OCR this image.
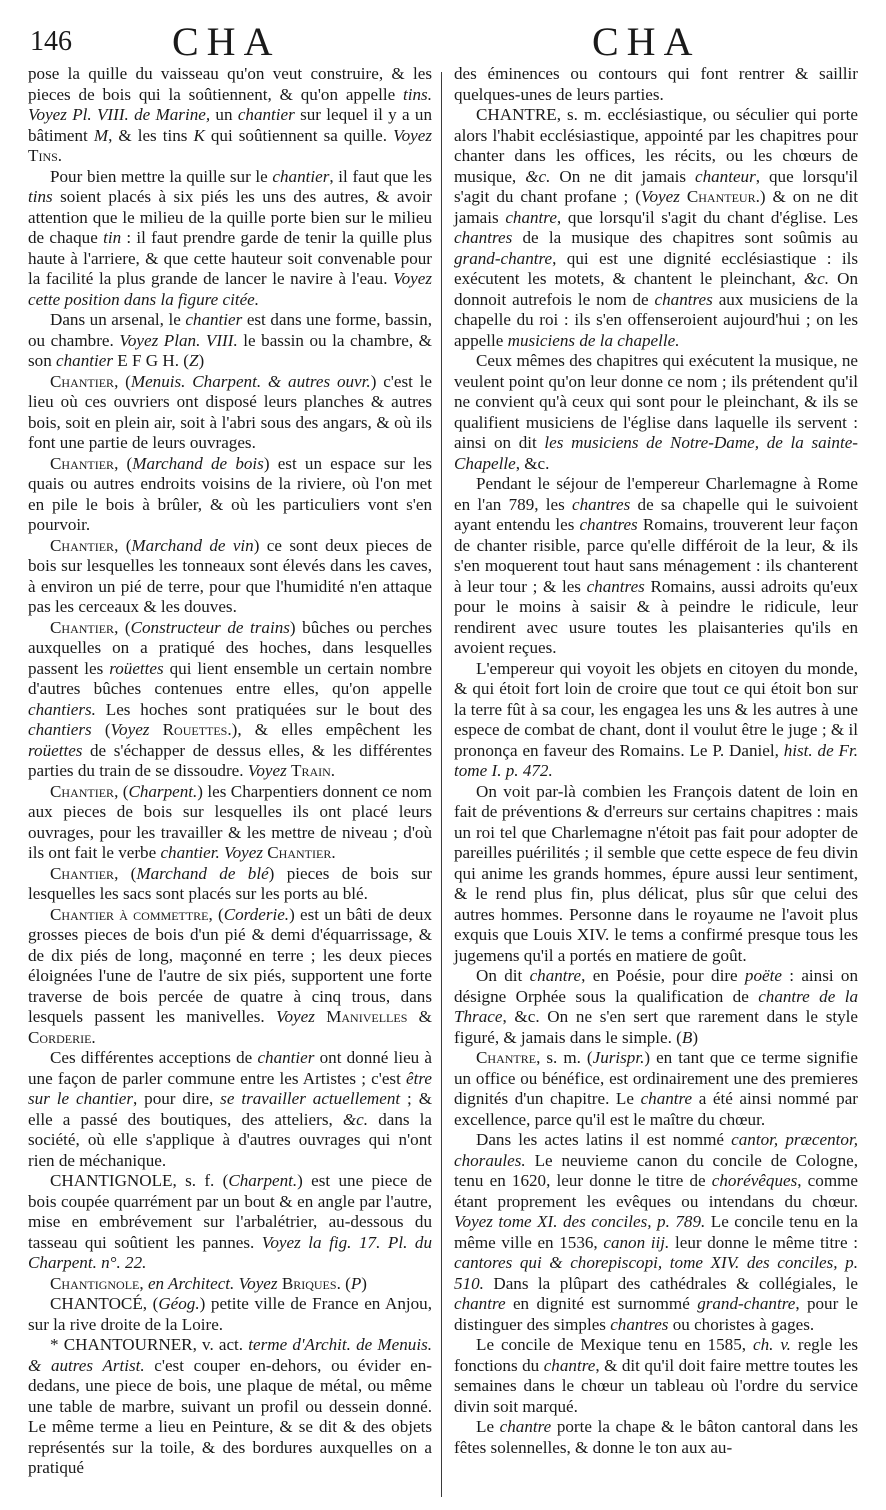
146	CHA	CHA

pose la quille du vaisseau qu'on veut construire, & les pieces de bois qui la soûtiennent, & qu'on appelle tins. Voyez Pl. VIII. de Marine, un chantier sur lequel il y a un bâtiment M, & les tins K qui soûtiennent sa quille. Voyez Tins.

Pour bien mettre la quille sur le chantier, il faut que les tins soient placés à six piés les uns des autres, & avoir attention que le milieu de la quille porte bien sur le milieu de chaque tin : il faut prendre garde de tenir la quille plus haute à l'arriere, & que cette hauteur soit convenable pour la facilité la plus grande de lancer le navire à l'eau. Voyez cette position dans la figure citée.

Dans un arsenal, le chantier est dans une forme, bassin, ou chambre. Voyez Plan. VIII. le bassin ou la chambre, & son chantier E F G H. (Z)

Chantier, (Menuis. Charpent. & autres ouvr.) c'est le lieu où ces ouvriers ont disposé leurs planches & autres bois, soit en plein air, soit à l'abri sous des angars, & où ils font une partie de leurs ouvrages.

Chantier, (Marchand de bois) est un espace sur les quais ou autres endroits voisins de la riviere, où l'on met en pile le bois à brûler, & où les particuliers vont s'en pourvoir.

Chantier, (Marchand de vin) ce sont deux pieces de bois sur lesquelles les tonneaux sont élevés dans les caves, à environ un pié de terre, pour que l'humidité n'en attaque pas les cerceaux & les douves.

Chantier, (Constructeur de trains) bûches ou perches auxquelles on a pratiqué des hoches, dans lesquelles passent les roüettes qui lient ensemble un certain nombre d'autres bûches contenues entre elles, qu'on appelle chantiers. Les hoches sont pratiquées sur le bout des chantiers (Voyez Rouettes.), & elles empêchent les roüettes de s'échapper de dessus elles, & les différentes parties du train de se dissoudre. Voyez Train.

Chantier, (Charpent.) les Charpentiers donnent ce nom aux pieces de bois sur lesquelles ils ont placé leurs ouvrages, pour les travailler & les mettre de niveau ; d'où ils ont fait le verbe chantier. Voyez Chantier.

Chantier, (Marchand de blé) pieces de bois sur lesquelles les sacs sont placés sur les ports au blé.

Chantier à commettre, (Corderie.) est un bâti de deux grosses pieces de bois d'un pié & demi d'équarrissage, & de dix piés de long, maçonné en terre ; les deux pieces éloignées l'une de l'autre de six piés, supportent une forte traverse de bois percée de quatre à cinq trous, dans lesquels passent les manivelles. Voyez Manivelles & Corderie.

Ces différentes acceptions de chantier ont donné lieu à une façon de parler commune entre les Artistes ; c'est être sur le chantier, pour dire, se travailler actuellement ; & elle a passé des boutiques, des atteliers, &c. dans la société, où elle s'applique à d'autres ouvrages qui n'ont rien de méchanique.

CHANTIGNOLE, s. f. (Charpent.) est une piece de bois coupée quarrément par un bout & en angle par l'autre, mise en embrévement sur l'arbalétrier, au-dessous du tasseau qui soûtient les pannes. Voyez la fig. 17. Pl. du Charpent. n°. 22.

Chantignole, en Architect. Voyez Briques. (P)

CHANTOCÉ, (Géog.) petite ville de France en Anjou, sur la rive droite de la Loire.

* CHANTOURNER, v. act. terme d'Archit. de Menuis. & autres Artist. c'est couper en-dehors, ou évider en-dedans, une piece de bois, une plaque de métal, ou même une table de marbre, suivant un profil ou dessein donné. Le même terme a lieu en Peinture, & se dit & des objets représentés sur la toile, & des bordures auxquelles on a pratiqué

des éminences ou contours qui font rentrer & saillir quelques-unes de leurs parties.

CHANTRE, s. m. ecclésiastique, ou séculier qui porte alors l'habit ecclésiastique, appointé par les chapitres pour chanter dans les offices, les récits, ou les chœurs de musique, &c. On ne dit jamais chanteur, que lorsqu'il s'agit du chant profane ; (Voyez Chanteur.) & on ne dit jamais chantre, que lorsqu'il s'agit du chant d'église. Les chantres de la musique des chapitres sont soûmis au grand-chantre, qui est une dignité ecclésiastique : ils exécutent les motets, & chantent le pleinchant, &c. On donnoit autrefois le nom de chantres aux musiciens de la chapelle du roi : ils s'en offenseroient aujourd'hui ; on les appelle musiciens de la chapelle.

Ceux mêmes des chapitres qui exécutent la musique, ne veulent point qu'on leur donne ce nom ; ils prétendent qu'il ne convient qu'à ceux qui sont pour le pleinchant, & ils se qualifient musiciens de l'église dans laquelle ils servent : ainsi on dit les musiciens de Notre-Dame, de la sainte-Chapelle, &c.

Pendant le séjour de l'empereur Charlemagne à Rome en l'an 789, les chantres de sa chapelle qui le suivoient ayant entendu les chantres Romains, trouverent leur façon de chanter risible, parce qu'elle différoit de la leur, & ils s'en moquerent tout haut sans ménagement : ils chanterent à leur tour ; & les chantres Romains, aussi adroits qu'eux pour le moins à saisir & à peindre le ridicule, leur rendirent avec usure toutes les plaisanteries qu'ils en avoient reçues.

L'empereur qui voyoit les objets en citoyen du monde, & qui étoit fort loin de croire que tout ce qui étoit bon sur la terre fût à sa cour, les engagea les uns & les autres à une espece de combat de chant, dont il voulut être le juge ; & il prononça en faveur des Romains. Le P. Daniel, hist. de Fr. tome I. p. 472.

On voit par-là combien les François datent de loin en fait de préventions & d'erreurs sur certains chapitres : mais un roi tel que Charlemagne n'étoit pas fait pour adopter de pareilles puérilités ; il semble que cette espece de feu divin qui anime les grands hommes, épure aussi leur sentiment, & le rend plus fin, plus délicat, plus sûr que celui des autres hommes. Personne dans le royaume ne l'avoit plus exquis que Louis XIV. le tems a confirmé presque tous les jugemens qu'il a portés en matiere de goût.

On dit chantre, en Poésie, pour dire poëte : ainsi on désigne Orphée sous la qualification de chantre de la Thrace, &c. On ne s'en sert que rarement dans le style figuré, & jamais dans le simple. (B)

Chantre, s. m. (Jurispr.) en tant que ce terme signifie un office ou bénéfice, est ordinairement une des premieres dignités d'un chapitre. Le chantre a été ainsi nommé par excellence, parce qu'il est le maître du chœur.

Dans les actes latins il est nommé cantor, præcentor, choraules. Le neuvieme canon du concile de Cologne, tenu en 1620, leur donne le titre de chorévêques, comme étant proprement les evêques ou intendans du chœur. Voyez tome XI. des conciles, p. 789. Le concile tenu en la même ville en 1536, canon iij. leur donne le même titre : cantores qui & chorepiscopi, tome XIV. des conciles, p. 510. Dans la plûpart des cathédrales & collégiales, le chantre en dignité est surnommé grand-chantre, pour le distinguer des simples chantres ou choristes à gages.

Le concile de Mexique tenu en 1585, ch. v. regle les fonctions du chantre, & dit qu'il doit faire mettre toutes les semaines dans le chœur un tableau où l'ordre du service divin soit marqué.

Le chantre porte la chape & le bâton cantoral dans les fêtes solennelles, & donne le ton aux au-
